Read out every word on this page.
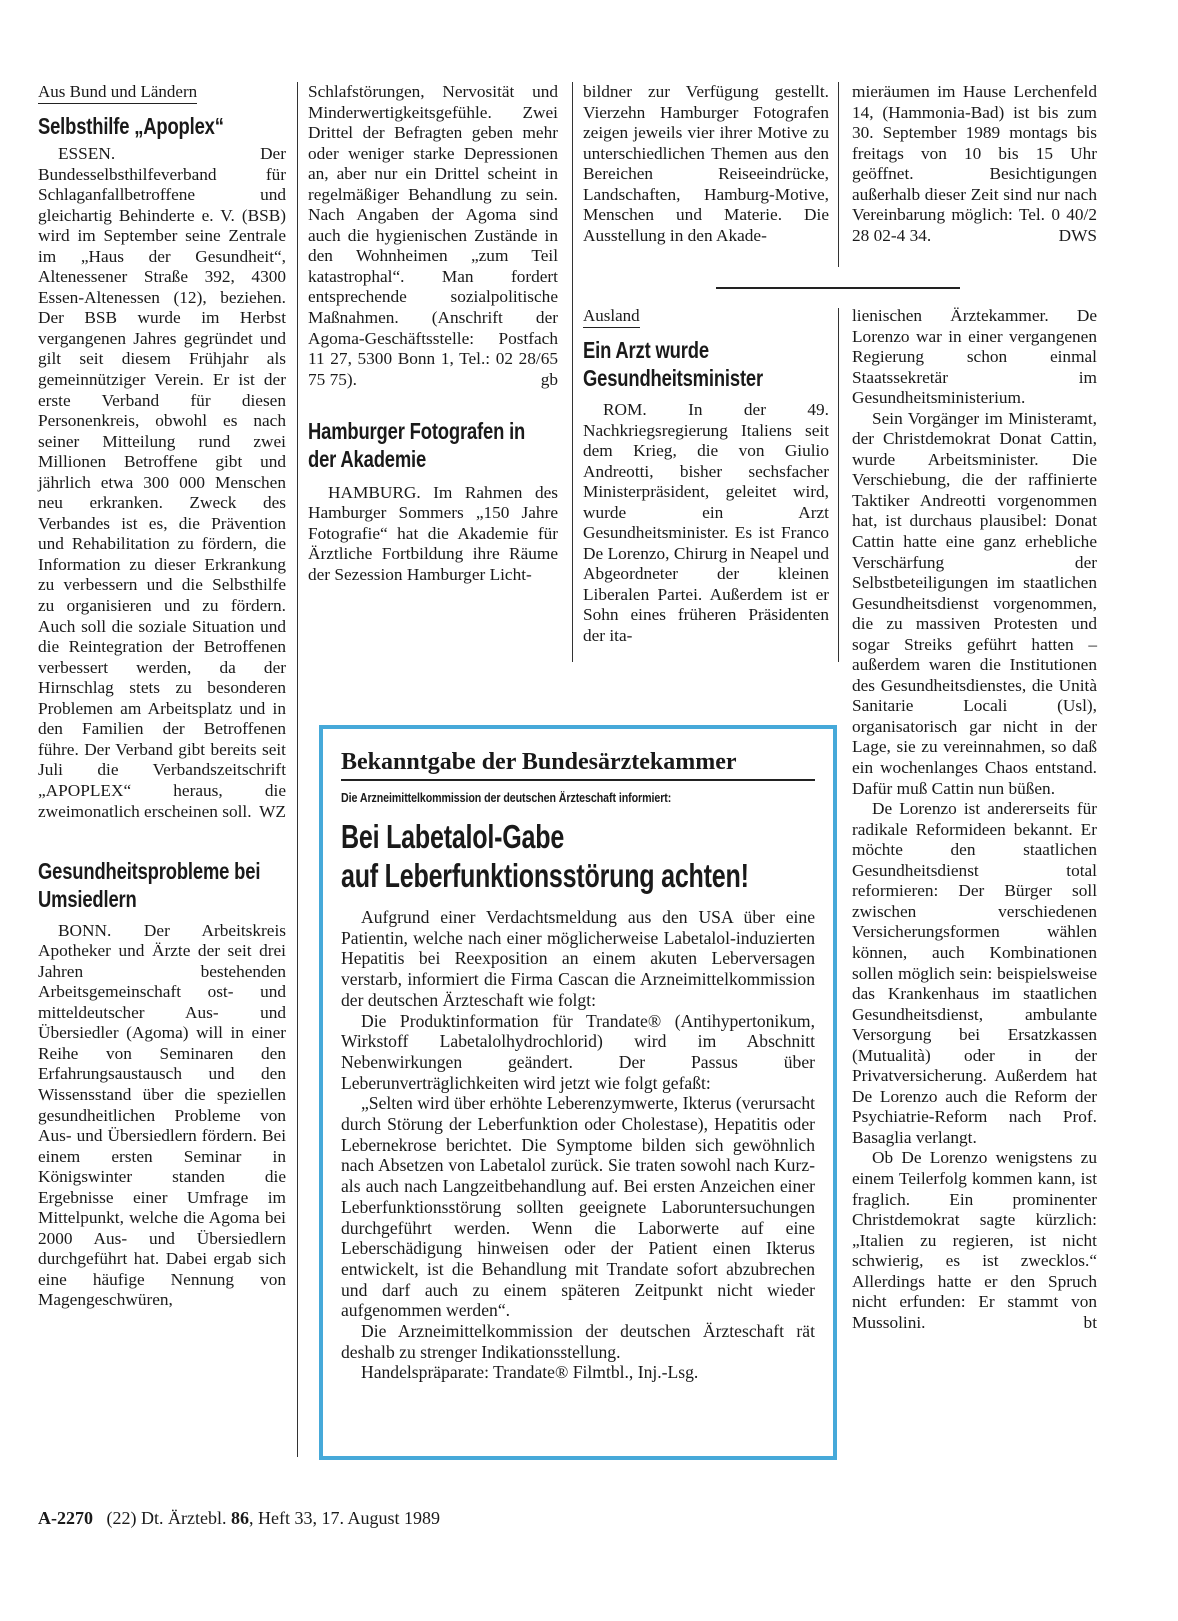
Aus Bund und Ländern
Selbsthilfe „Apoplex“

ESSEN. Der Bundesselbsthilfeverband für Schlaganfallbetroffene und gleichartig Behinderte e. V. (BSB) wird im September seine Zentrale im „Haus der Gesundheit“, Altenessener Straße 392, 4300 Essen-Altenessen (12), beziehen. Der BSB wurde im Herbst vergangenen Jahres gegründet und gilt seit diesem Frühjahr als gemeinnütziger Verein. Er ist der erste Verband für diesen Personenkreis, obwohl es nach seiner Mitteilung rund zwei Millionen Betroffene gibt und jährlich etwa 300 000 Menschen neu erkranken. Zweck des Verbandes ist es, die Prävention und Rehabilitation zu fördern, die Information zu dieser Erkrankung zu verbessern und die Selbsthilfe zu organisieren und zu fördern. Auch soll die soziale Situation und die Reintegration der Betroffenen verbessert werden, da der Hirnschlag stets zu besonderen Problemen am Arbeitsplatz und in den Familien der Betroffenen führe. Der Verband gibt bereits seit Juli die Verbandszeitschrift „APOPLEX“ heraus, die zweimonatlich erscheinen soll. WZ
Gesundheitsprobleme bei Umsiedlern

BONN. Der Arbeitskreis Apotheker und Ärzte der seit drei Jahren bestehenden Arbeitsgemeinschaft ost- und mitteldeutscher Aus- und Übersiedler (Agoma) will in einer Reihe von Seminaren den Erfahrungsaustausch und den Wissensstand über die speziellen gesundheitlichen Probleme von Aus- und Übersiedlern fördern. Bei einem ersten Seminar in Königswinter standen die Ergebnisse einer Umfrage im Mittelpunkt, welche die Agoma bei 2000 Aus- und Übersiedlern durchgeführt hat. Dabei ergab sich eine häufige Nennung von Magengeschwüren,

Schlafstörungen, Nervosität und Minderwertigkeitsgefühle. Zwei Drittel der Befragten geben mehr oder weniger starke Depressionen an, aber nur ein Drittel scheint in regelmäßiger Behandlung zu sein. Nach Angaben der Agoma sind auch die hygienischen Zustände in den Wohnheimen „zum Teil katastrophal“. Man fordert entsprechende sozialpolitische Maßnahmen. (Anschrift der Agoma-Geschäftsstelle: Postfach 11 27, 5300 Bonn 1, Tel.: 02 28/65 75 75).	gb
Hamburger Fotografen in der Akademie

HAMBURG. Im Rahmen des Hamburger Sommers „150 Jahre Fotografie“ hat die Akademie für Ärztliche Fortbildung ihre Räume der Sezession Hamburger Licht-

bildner zur Verfügung gestellt. Vierzehn Hamburger Fotografen zeigen jeweils vier ihrer Motive zu unterschiedlichen Themen aus den Bereichen Reiseeindrücke, Landschaften, Hamburg-Motive, Menschen und Materie. Die Ausstellung in den Akade-

Ausland
Ein Arzt wurde Gesundheitsminister

ROM. In der 49. Nachkriegsregierung Italiens seit dem Krieg, die von Giulio Andreotti, bisher sechsfacher Ministerpräsident, geleitet wird, wurde ein Arzt Gesundheitsminister. Es ist Franco De Lorenzo, Chirurg in Neapel und Abgeordneter der kleinen Liberalen Partei. Außerdem ist er Sohn eines früheren Präsidenten der ita-

mieräumen im Hause Lerchenfeld 14, (Hammonia-Bad) ist bis zum 30. September 1989 montags bis freitags von 10 bis 15 Uhr geöffnet. Besichtigungen außerhalb dieser Zeit sind nur nach Vereinbarung möglich: Tel. 0 40/2 28 02-4 34.	DWS

lienischen Ärztekammer. De Lorenzo war in einer vergangenen Regierung schon einmal Staatssekretär im Gesundheitsministerium.

Sein Vorgänger im Ministeramt, der Christdemokrat Donat Cattin, wurde Arbeitsminister. Die Verschiebung, die der raffinierte Taktiker Andreotti vorgenommen hat, ist durchaus plausibel: Donat Cattin hatte eine ganz erhebliche Verschärfung der Selbstbeteiligungen im staatlichen Gesundheitsdienst vorgenommen, die zu massiven Protesten und sogar Streiks geführt hatten – außerdem waren die Institutionen des Gesundheitsdienstes, die Unità Sanitarie Locali (Usl), organisatorisch gar nicht in der Lage, sie zu vereinnahmen, so daß ein wochenlanges Chaos entstand. Dafür muß Cattin nun büßen.

De Lorenzo ist andererseits für radikale Reformideen bekannt. Er möchte den staatlichen Gesundheitsdienst total reformieren: Der Bürger soll zwischen verschiedenen Versicherungsformen wählen können, auch Kombinationen sollen möglich sein: beispielsweise das Krankenhaus im staatlichen Gesundheitsdienst, ambulante Versorgung bei Ersatzkassen (Mutualità) oder in der Privatversicherung. Außerdem hat De Lorenzo auch die Reform der Psychiatrie-Reform nach Prof. Basaglia verlangt.

Ob De Lorenzo wenigstens zu einem Teilerfolg kommen kann, ist fraglich. Ein prominenter Christdemokrat sagte kürzlich: „Italien zu regieren, ist nicht schwierig, es ist zwecklos.“ Allerdings hatte er den Spruch nicht erfunden: Er stammt von Mussolini.	bt
Bekanntgabe der Bundesärztekammer
Die Arzneimittelkommission der deutschen Ärzteschaft informiert:
Bei Labetalol-Gabe
auf Leberfunktionsstörung achten!

Aufgrund einer Verdachtsmeldung aus den USA über eine Patientin, welche nach einer möglicherweise Labetalol-induzierten Hepatitis bei Reexposition an einem akuten Leberversagen verstarb, informiert die Firma Cascan die Arzneimittelkommission der deutschen Ärzteschaft wie folgt:

Die Produktinformation für Trandate® (Antihypertonikum, Wirkstoff Labetalolhydrochlorid) wird im Abschnitt Nebenwirkungen geändert. Der Passus über Leberunverträglichkeiten wird jetzt wie folgt gefaßt:

„Selten wird über erhöhte Leberenzymwerte, Ikterus (verursacht durch Störung der Leberfunktion oder Cholestase), Hepatitis oder Lebernekrose berichtet. Die Symptome bilden sich gewöhnlich nach Absetzen von Labetalol zurück. Sie traten sowohl nach Kurz- als auch nach Langzeitbehandlung auf. Bei ersten Anzeichen einer Leberfunktionsstörung sollten geeignete Laboruntersuchungen durchgeführt werden. Wenn die Laborwerte auf eine Leberschädigung hinweisen oder der Patient einen Ikterus entwickelt, ist die Behandlung mit Trandate sofort abzubrechen und darf auch zu einem späteren Zeitpunkt nicht wieder aufgenommen werden“.

Die Arzneimittelkommission der deutschen Ärzteschaft rät deshalb zu strenger Indikationsstellung.

Handelspräparate: Trandate® Filmtbl., Inj.-Lsg.

A-2270 (22) Dt. Ärztebl. 86, Heft 33, 17. August 1989
